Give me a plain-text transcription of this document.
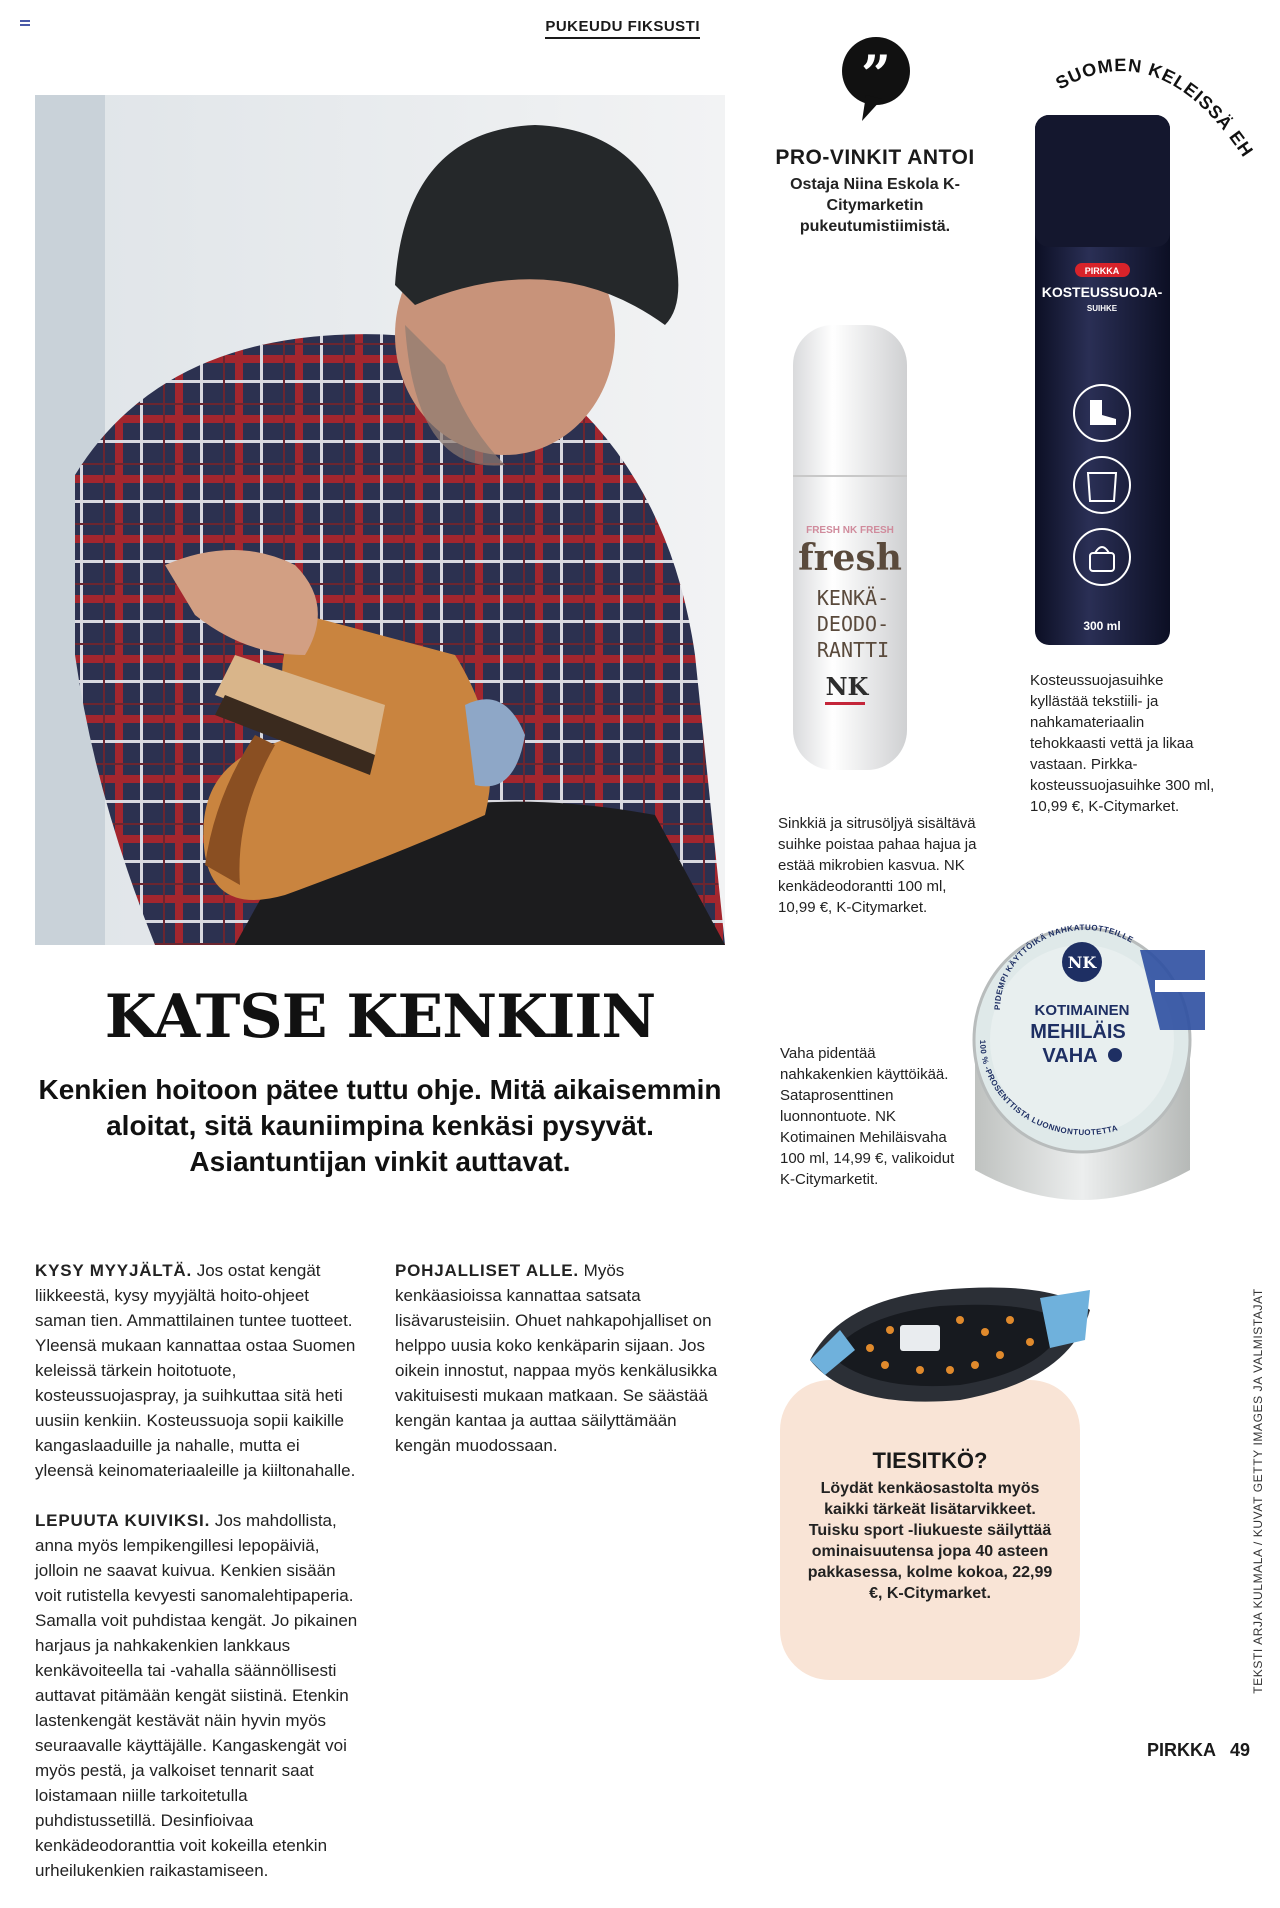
PUKEUDU FIKSUSTI
KATSE KENKIIN
Kenkien hoitoon pätee tuttu ohje. Mitä aikaisemmin aloitat, sitä kauniimpina kenkäsi pysyvät. Asiantuntijan vinkit auttavat.

KYSY MYYJÄLTÄ. Jos ostat kengät liikkeestä, kysy myyjältä hoito-ohjeet saman tien. Ammattilainen tuntee tuotteet. Yleensä mukaan kannattaa ostaa Suomen keleissä tärkein hoitotuote, kosteussuojaspray, ja suihkuttaa sitä heti uusiin kenkiin. Kosteussuoja sopii kaikille kangaslaaduille ja nahalle, mutta ei yleensä keinomateriaaleille ja kiiltonahalle.

LEPUUTA KUIVIKSI. Jos mahdollista, anna myös lempikengillesi lepopäiviä, jolloin ne saavat kuivua. Kenkien sisään voit rutistella kevyesti sanomalehtipaperia. Samalla voit puhdistaa kengät. Jo pikainen harjaus ja nahkakenkien lankkaus kenkävoiteella tai -vahalla säännöllisesti auttavat pitämään kengät siistinä. Etenkin lastenkengät kestävät näin hyvin myös seuraavalle käyttäjälle. Kangaskengät voi myös pestä, ja valkoiset tennarit saat loistamaan niille tarkoitetulla puhdistussetillä. Desinfioivaa kenkädeodoranttia voit kokeilla etenkin urheilukenkien raikastamiseen.

POHJALLISET ALLE. Myös kenkäasioissa kannattaa satsata lisävarusteisiin. Ohuet nahkapohjalliset on helppo uusia koko kenkäparin sijaan. Jos oikein innostut, nappaa myös kenkälusikka vakituisesti mukaan matkaan. Se säästää kengän kantaa ja auttaa säilyttämään kengän muodossaan.

”
PRO-VINKIT ANTOI
Ostaja Niina Eskola K-Citymarketin pukeutumistiimistä.
SUOMEN KELEISSÄ EH
FRESH NK FRESH
fresh
KENKÄ-
DEODO-
RANTTI
NK
PIRKKA
KOSTEUSSUOJA-
SUIHKE
300 ml
Sinkkiä ja sitrusöljyä sisältävä suihke poistaa pahaa hajua ja estää mikrobien kasvua. NK kenkädeodorantti 100 ml, 10,99 €, K-Citymarket.
Kosteussuojasuihke kyllästää tekstiili- ja nahkamateriaalin tehokkaasti vettä ja likaa vastaan. Pirkka-kosteussuojasuihke 300 ml, 10,99 €, K-Citymarket.
PIDEMPI KÄYTTÖIKÄ NAHKATUOTTEILLE
100 % -PROSENTTISTA LUONNONTUOTETTA
NK
KOTIMAINEN
MEHILÄIS
VAHA
Vaha pidentää nahkakenkien käyttöikää. Sataprosenttinen luonnontuote. NK Kotimainen Mehiläisvaha 100 ml, 14,99 €, valikoidut K-Citymarketit.
TIESITKÖ?
Löydät kenkäosastolta myös kaikki tärkeät lisätarvikkeet. Tuisku sport -liukueste säilyttää ominaisuutensa jopa 40 asteen pakkasessa, kolme kokoa, 22,99 €, K-Citymarket.	TEKSTI ARJA KULMALA / KUVAT GETTY IMAGES JA VALMISTAJAT
PIRKKA 49
